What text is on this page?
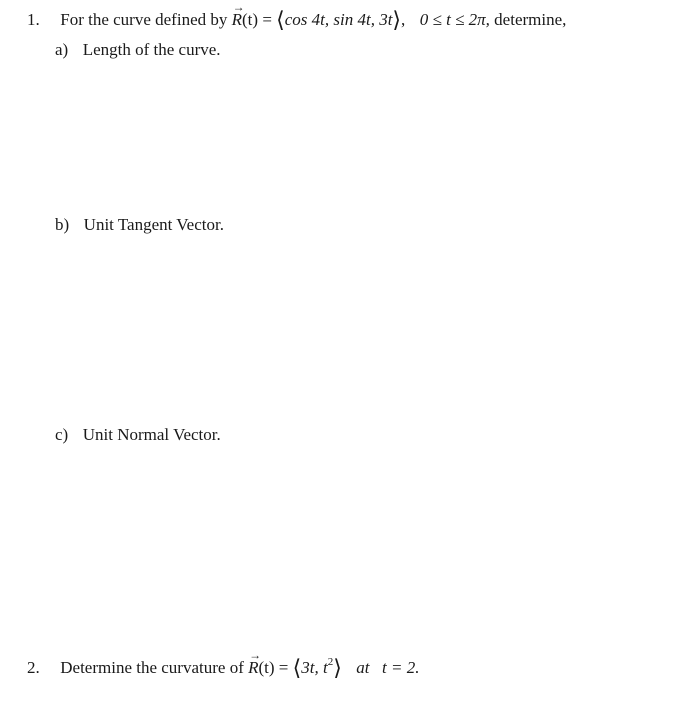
1. For the curve defined by
→
R(t) = ⟨cos 4t, sin 4t, 3t⟩, 0 ≤ t ≤ 2π, determine,
a) Length of the curve.
b) Unit Tangent Vector.
c) Unit Normal Vector.
2. Determine the curvature of
→
R(t) = ⟨3t, $t^2⟩$ at t = 2.
